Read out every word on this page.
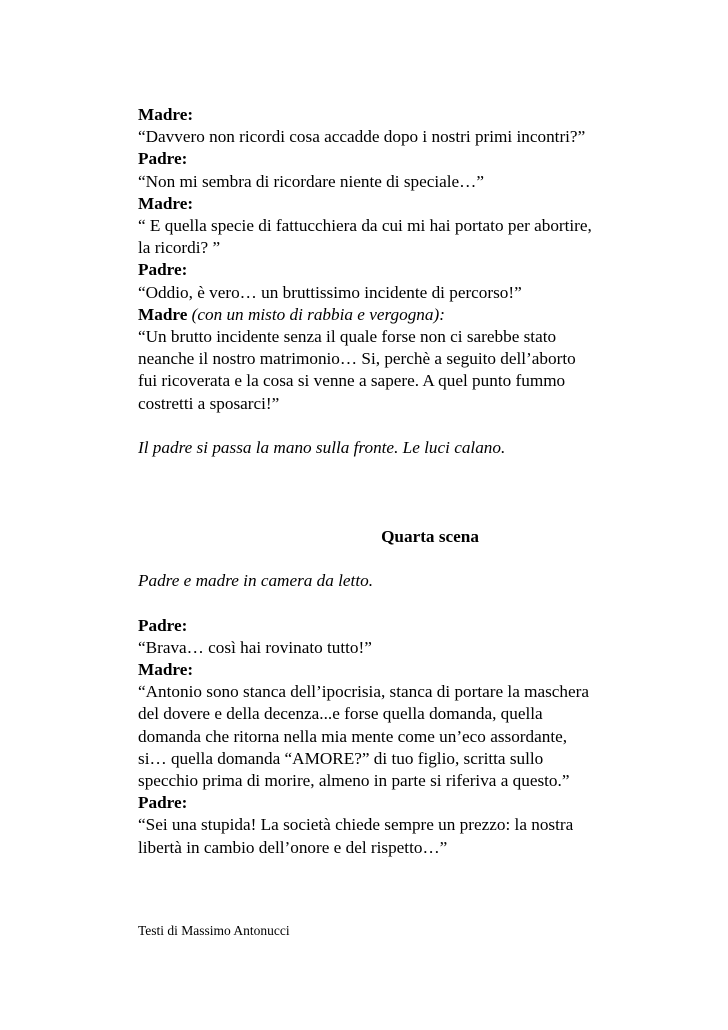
Madre:
“Davvero non ricordi cosa accadde dopo i nostri primi incontri?”
Padre:
“Non mi sembra di ricordare niente di speciale…”
Madre:
“ E quella specie di fattucchiera da cui mi hai portato per abortire,
la ricordi? ”
Padre:
“Oddio, è vero… un bruttissimo incidente di percorso!”
Madre (con un misto di rabbia e vergogna):
“Un brutto incidente senza il quale forse non ci sarebbe stato
neanche il nostro matrimonio… Si, perchè a seguito dell’aborto
fui ricoverata e la cosa si venne a sapere. A quel punto fummo
costretti a sposarci!”
Il padre si passa la mano sulla fronte. Le luci calano.
Quarta scena
Padre e madre in camera da letto.
Padre:
“Brava… così hai rovinato tutto!”
Madre:
“Antonio sono stanca dell’ipocrisia, stanca di portare la maschera
del dovere e della decenza...e forse quella domanda, quella
domanda che ritorna nella mia mente come un’eco assordante,
si… quella domanda “AMORE?” di tuo figlio, scritta sullo
specchio prima di morire, almeno in parte si riferiva a questo.”
Padre:
“Sei una stupida! La società chiede sempre un prezzo: la nostra
libertà in cambio dell’onore e del rispetto…”
Testi di Massimo Antonucci
